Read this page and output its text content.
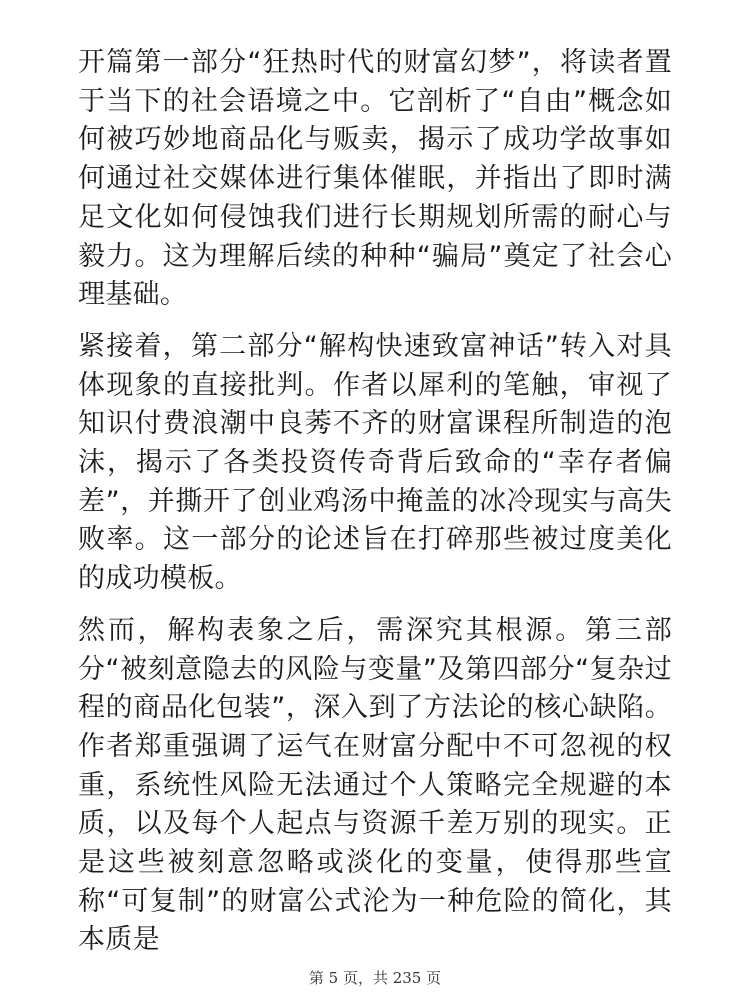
开篇第一部分“狂热时代的财富幻梦”，将读者置于当下的社会语境之中。它剖析了“自由”概念如何被巧妙地商品化与贩卖，揭示了成功学故事如何通过社交媒体进行集体催眠，并指出了即时满足文化如何侵蚀我们进行长期规划所需的耐心与毅力。这为理解后续的种种“骗局”奠定了社会心理基础。

紧接着，第二部分“解构快速致富神话”转入对具体现象的直接批判。作者以犀利的笔触，审视了知识付费浪潮中良莠不齐的财富课程所制造的泡沫，揭示了各类投资传奇背后致命的“幸存者偏差”，并撕开了创业鸡汤中掩盖的冰冷现实与高失败率。这一部分的论述旨在打碎那些被过度美化的成功模板。

然而，解构表象之后，需深究其根源。第三部分“被刻意隐去的风险与变量”及第四部分“复杂过程的商品化包装”，深入到了方法论的核心缺陷。作者郑重强调了运气在财富分配中不可忽视的权重，系统性风险无法通过个人策略完全规避的本质，以及每个人起点与资源千差万别的现实。正是这些被刻意忽略或淡化的变量，使得那些宣称“可复制”的财富公式沦为一种危险的简化，其本质是

第 5 页，共 235 页
